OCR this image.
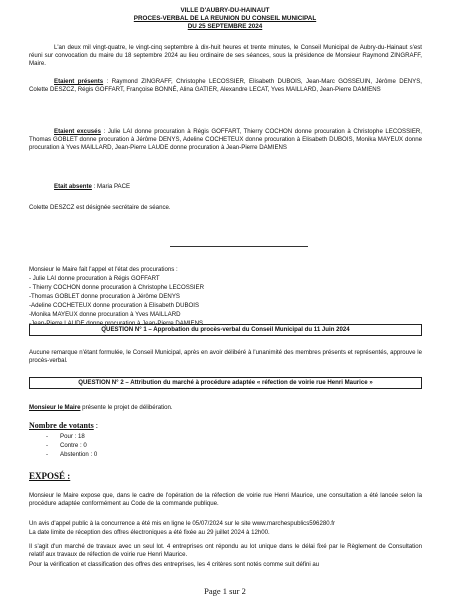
VILLE D'AUBRY-DU-HAINAUT

PROCES-VERBAL DE LA REUNION DU CONSEIL MUNICIPAL

DU 25 SEPTEMBRE 2024

L'an deux mil vingt-quatre, le vingt-cinq septembre à dix-huit heures et trente minutes, le Conseil Municipal de Aubry-du-Hainaut s'est réuni sur convocation du maire du 18 septembre 2024 au lieu ordinaire de ses séances, sous la présidence de Monsieur Raymond ZINGRAFF, Maire.

Etaient présents : Raymond ZINGRAFF, Christophe LECOSSIER, Elisabeth DUBOIS, Jean-Marc GOSSEUIN, Jérôme DENYS, Colette DESZCZ, Régis GOFFART, Françoise BONNÉ, Alina GATIER, Alexandre LECAT, Yves MAILLARD, Jean-Pierre DAMIENS

Etaient excusés : Julie LAI donne procuration à Régis GOFFART, Thierry COCHON donne procuration à Christophe LECOSSIER, Thomas GOBLET donne procuration à Jérôme DENYS, Adeline COCHETEUX donne procuration à Elisabeth DUBOIS, Monika MAYEUX donne procuration à Yves MAILLARD, Jean-Pierre LAUDE donne procuration à Jean-Pierre DAMIENS

Etait absente : Maria PACE

Colette DESZCZ est désignée secrétaire de séance.

Monsieur le Maire fait l'appel et l'état des procurations :

- Julie LAI donne procuration à Régis GOFFART

- Thierry COCHON donne procuration à Christophe LECOSSIER

-Thomas GOBLET donne procuration à Jérôme DENYS

-Adeline COCHETEUX donne procuration à Elisabeth DUBOIS

-Monika MAYEUX donne procuration à Yves MAILLARD

-Jean-Pierre LAUDE donne procuration à Jean-Pierre DAMIENS

QUESTION N° 1 – Approbation du procès-verbal du Conseil Municipal du 11 Juin 2024

Aucune remarque n'étant formulée, le Conseil Municipal, après en avoir délibéré à l'unanimité des membres présents et représentés, approuve le procès-verbal.

QUESTION N° 2 – Attribution du marché à procédure adaptée « réfection de voirie rue Henri Maurice »

Monsieur le Maire présente le projet de délibération.

Nombre de votants :

- Pour : 18
- Contre : 0
- Abstention : 0

EXPOSÉ :

Monsieur le Maire expose que, dans le cadre de l'opération de la réfection de voirie rue Henri Maurice, une consultation a été lancée selon la procédure adaptée conformément au Code de la commande publique.

Un avis d'appel public à la concurrence a été mis en ligne le 05/07/2024 sur le site www.marchespublics596280.fr

La date limite de réception des offres électroniques a été fixée au 29 juillet 2024 à 12h00.

Il s'agit d'un marché de travaux avec un seul lot. 4 entreprises ont répondu au lot unique dans le délai fixé par le Règlement de Consultation relatif aux travaux de réfection de voirie rue Henri Maurice.

Pour la vérification et classification des offres des entreprises, les 4 critères sont notés comme suit défini au

Page 1 sur 2
